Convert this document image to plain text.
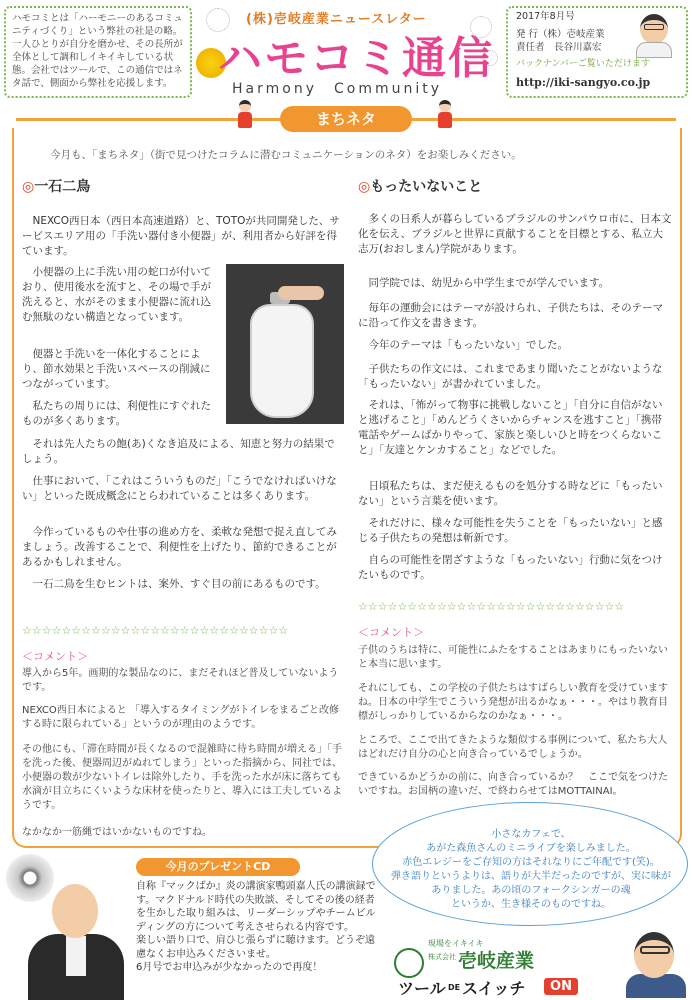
ハモコミとは「ハーモニーのあるコミュニティづくり」という弊社の社是の略。一人ひとりが自分を磨かせ、その長所が全体として調和しイキイキしている状態。会社ではツールで、この通信ではネタ話で、側面から弊社を応援します。
(株)壱岐産業ニュースレター
ハモコミ通信
Harmony　Community
2017年8月号
発 行（株）壱岐産業
責任者　長谷川嘉宏
バックナンバーご覧いただけます
http://iki-sangyo.co.jp
まちネタ
今月も、「まちネタ」（街で見つけたコラムに潜むコミュニケーションのネタ）をお楽しみください。
◎一石二鳥
NEXCO西日本（西日本高速道路）と、TOTOが共同開発した、サービスエリア用の「手洗い器付き小便器」が、利用者から好評を得ています。
小便器の上に手洗い用の蛇口が付いており、使用後水を流すと、その場で手が洗えると、水がそのまま小便器に流れ込む無駄のない構造となっています。
便器と手洗いを一体化することにより、節水効果と手洗いスペースの削減につながっています。
私たちの周りには、利便性にすぐれたものが多くあります。
それは先人たちの飽(あ)くなき追及による、知恵と努力の結果でしょう。
仕事において、「これはこういうものだ」「こうでなければいけない」といった既成概念にとらわれていることは多くあります。
今作っているものや仕事の進め方を、柔軟な発想で捉え直してみましょう。改善することで、利便性を上げたり、節約できることがあるかもしれません。
一石二鳥を生むヒントは、案外、すぐ目の前にあるものです。
☆☆☆☆☆☆☆☆☆☆☆☆☆☆☆☆☆☆☆☆☆☆☆☆☆☆☆
＜コメント＞
導入から5年。画期的な製品なのに、まだそれほど普及していないようです。
NEXCO西日本によると 「導入するタイミングがトイレをまるごと改修する時に限られている」というのが理由のようです。
その他にも、「滞在時間が長くなるので混雑時に待ち時間が増える」「手を洗った後、便器周辺がぬれてしまう」といった指摘から、同社では、小便器の数が少ないトイレは除外したり、手を洗った水が床に落ちても水滴が目立ちにくいような床材を使ったりと、導入には工夫しているようです。
なかなか一筋縄ではいかないものですね。
◎もったいないこと
多くの日系人が暮らしているブラジルのサンパウロ市に、日本文化を伝え、ブラジルと世界に貢献することを目標とする、私立大志万(おおしまん)学院があります。
同学院では、幼児から中学生までが学んでいます。
毎年の運動会にはテーマが設けられ、子供たちは、そのテーマに沿って作文を書きます。
今年のテーマは「もったいない」でした。
子供たちの作文には、これまであまり聞いたことがないような「もったいない」が書かれていました。
それは、「怖がって物事に挑戦しないこと」「自分に自信がないと逃げること」「めんどうくさいからチャンスを逃すこと」「携帯電話やゲームばかりやって、家族と楽しいひと時をつくらないこと」「友達とケンカすること」などでした。
日頃私たちは、まだ使えるものを処分する時などに「もったいない」という言葉を使います。
それだけに、様々な可能性を失うことを「もったいない」と感じる子供たちの発想は斬新です。
自らの可能性を閉ざすような「もったいない」行動に気をつけたいものです。
☆☆☆☆☆☆☆☆☆☆☆☆☆☆☆☆☆☆☆☆☆☆☆☆☆☆☆
＜コメント＞
子供のうちは特に、可能性にふたをすることはあまりにもったいないと本当に思います。
それにしても、この学校の子供たちはすばらしい教育を受けていますね。日本の中学生でこういう発想が出るかなぁ・・・。やはり教育目標がしっかりしているからなのかなぁ・・・。
ところで、ここで出てきたような類似する事例について、私たち大人はどれだけ自分の心と向き合っているでしょうか。
できているかどうかの前に、向き合っているか？　ここで気をつけたいですね。お国柄の違いだ、で終わらせてはMOTTAINAI。
今月のプレゼントCD
自称『マックばか』炎の講演家鴨頭嘉人氏の講演録です。マクドナルド時代の失敗談、そしてその後の経者を生かした取り組みは、リーダーシップやチームビルディングの方について考えさせられる内容です。
楽しい語り口で、肩ひじ張らずに聴けます。どうぞ遠慮なくお申込みくださいませ。
6月号でお申込みが少なかったので再度！
小さなカフェで、
あがた森魚さんのミニライブを楽しみました。
赤色エレジーをご存知の方はそれなりにご年配です(笑)。
弾き語りというよりは、語りが大半だったのですが、実に味がありました。あの頃のフォークシンガーの魂
というか、生き様そのものですね。
現場をイキイキ
株式会社 壱岐産業
ツール DE スイッチ	ON
